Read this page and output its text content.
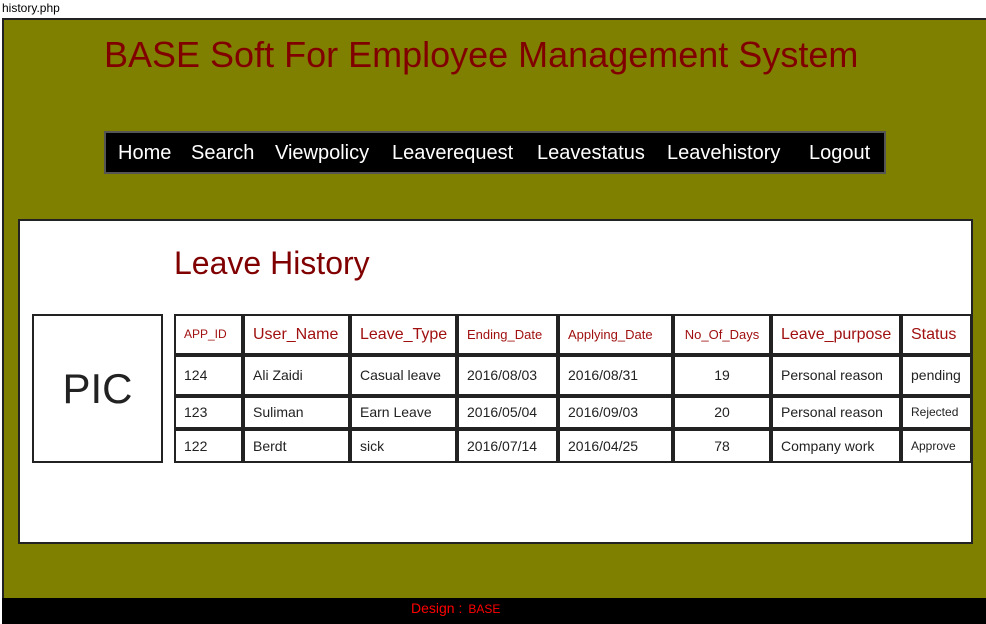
history.php
BASE Soft For Employee Management System
Home Search Viewpolicy Leaverequest Leavestatus Leavehistory Logout
Leave History
PIC
APP_ID	User_Name	Leave_Type	Ending_Date	Applying_Date	No_Of_Days	Leave_purpose	Status
124	Ali Zaidi	Casual leave	2016/08/03	2016/08/31	19	Personal reason	pending
123	Suliman	Earn Leave	2016/05/04	2016/09/03	20	Personal reason	Rejected
122	Berdt	sick	2016/07/14	2016/04/25	78	Company work	Approve
Design : BASE
